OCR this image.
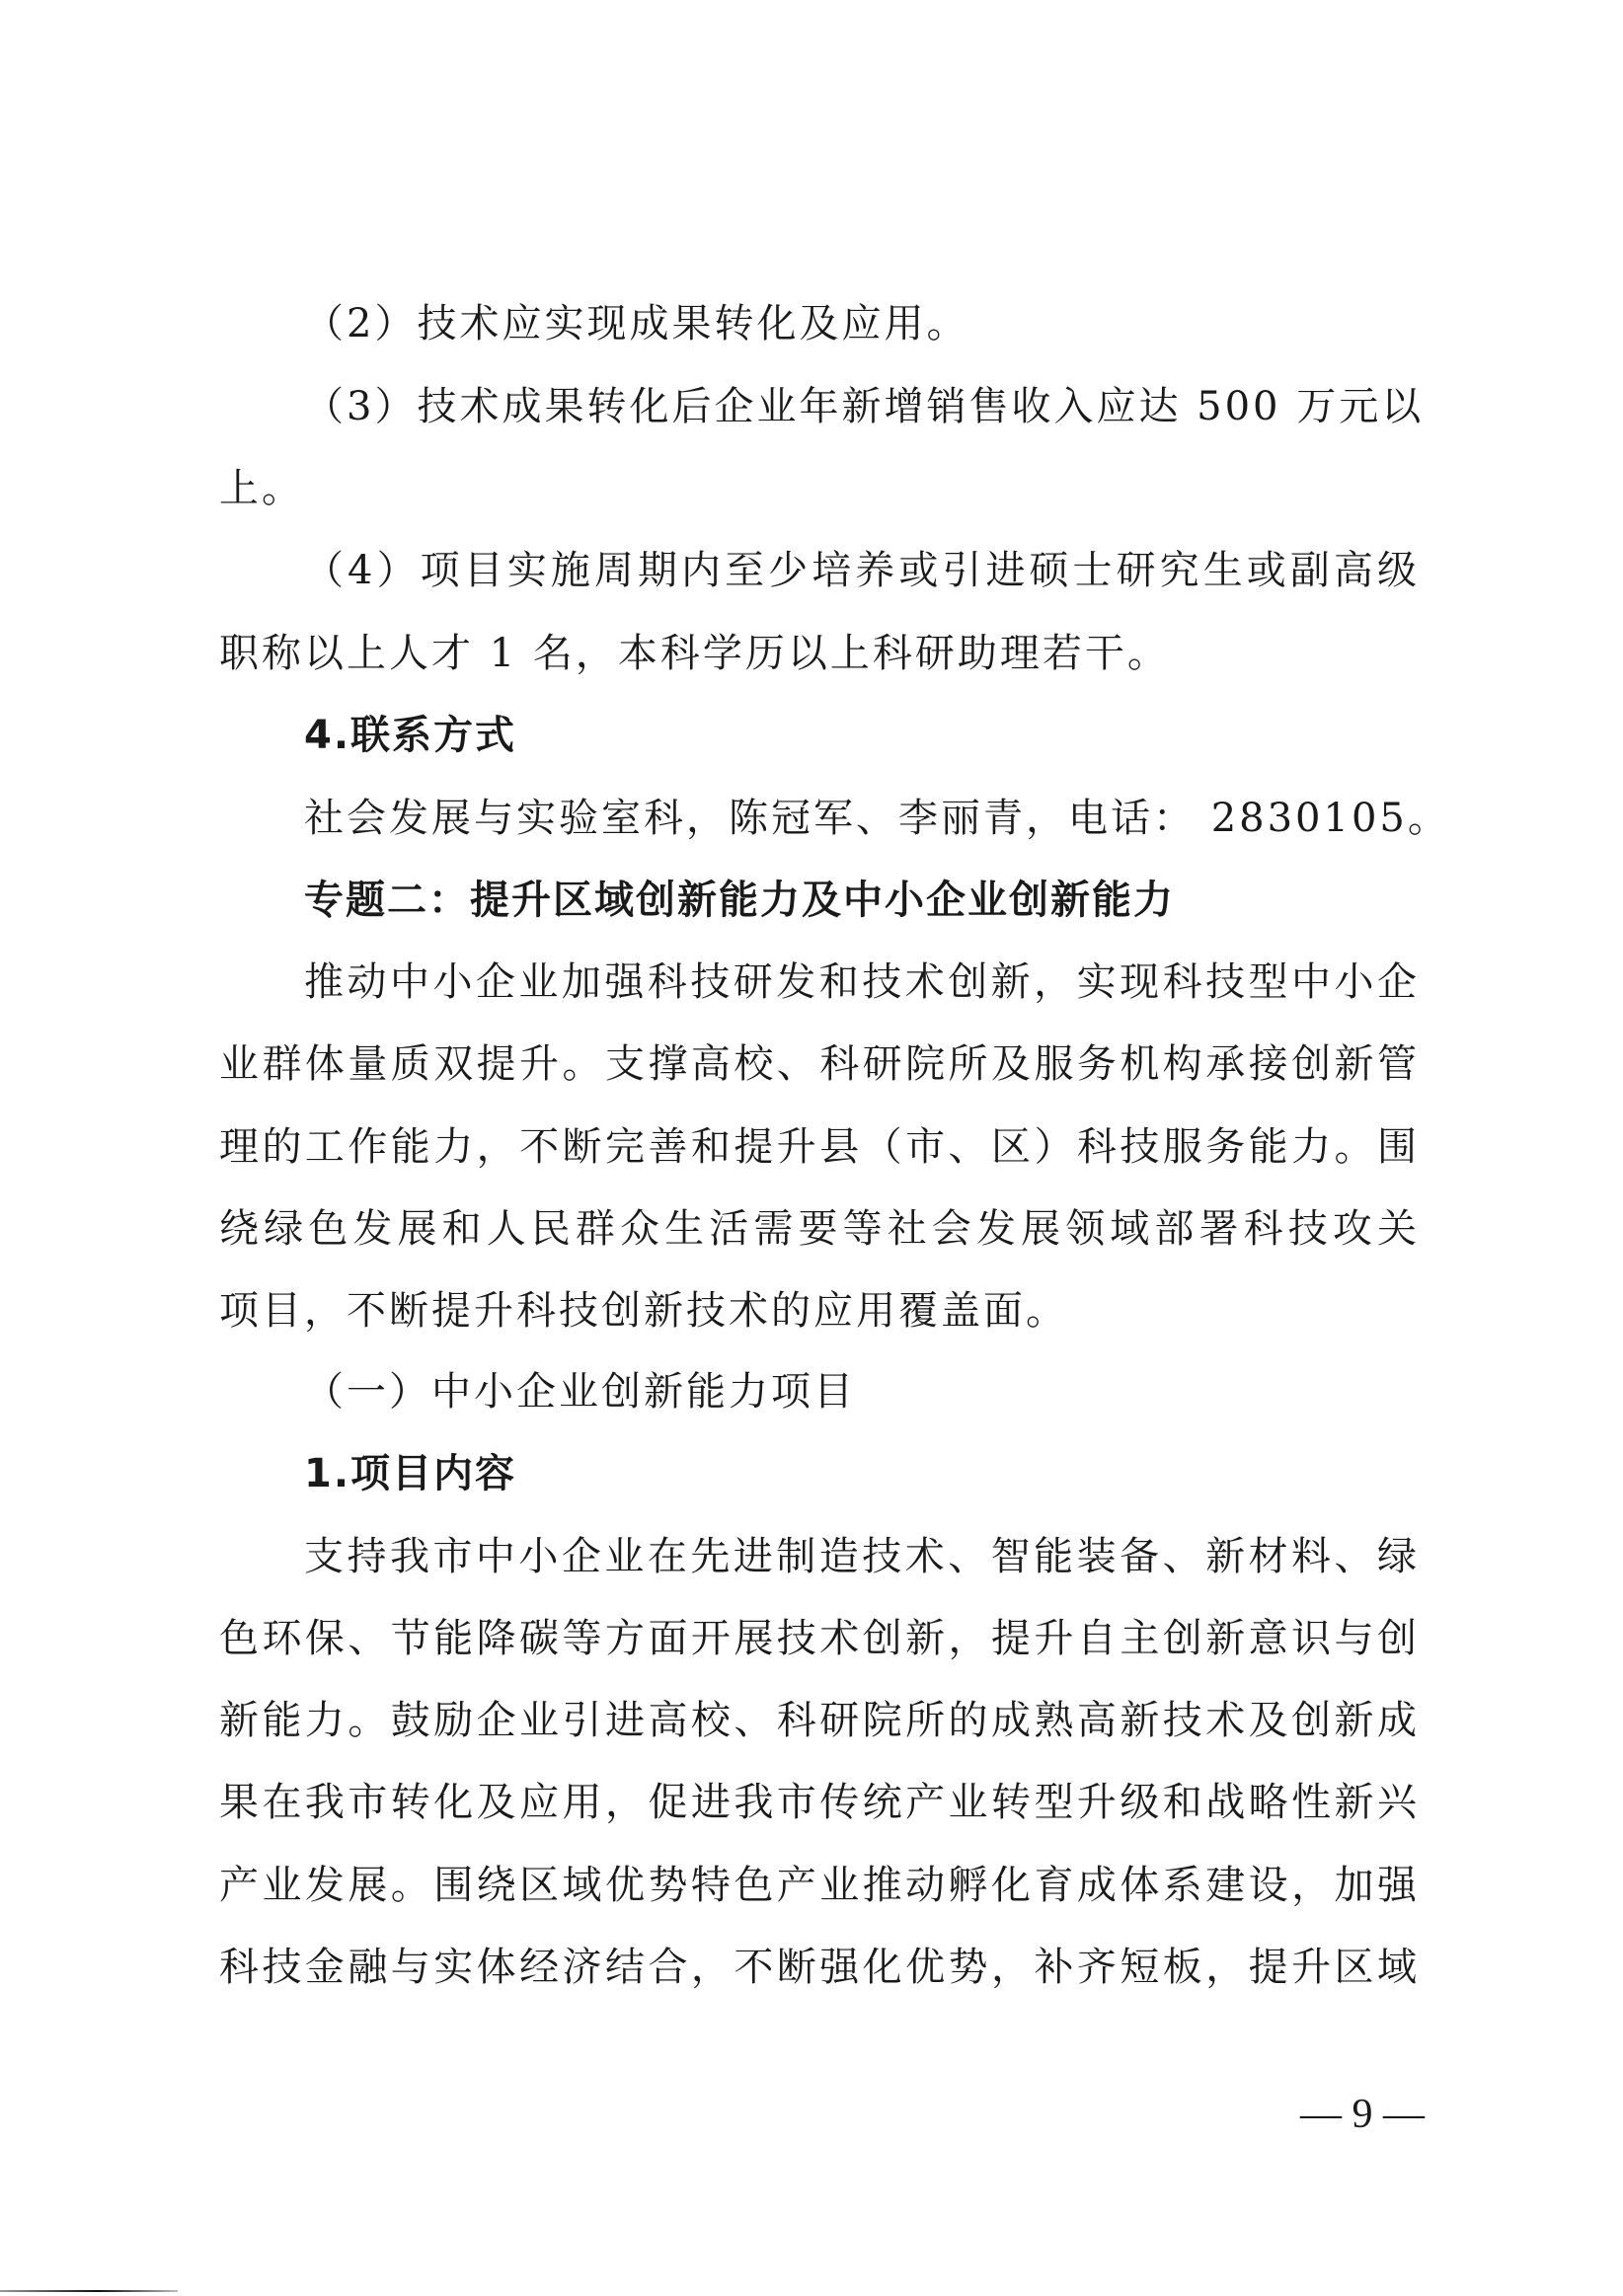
（2）技术应实现成果转化及应用。
（3）技术成果转化后企业年新增销售收入应达 500 万元以
上。
（4）项目实施周期内至少培养或引进硕士研究生或副高级
职称以上人才 1 名，本科学历以上科研助理若干。
4.联系方式
社会发展与实验室科，陈冠军、李丽青，电话： 2830105。
专题二：提升区域创新能力及中小企业创新能力
推动中小企业加强科技研发和技术创新，实现科技型中小企
业群体量质双提升。支撑高校、科研院所及服务机构承接创新管
理的工作能力，不断完善和提升县（市、区）科技服务能力。围
绕绿色发展和人民群众生活需要等社会发展领域部署科技攻关
项目，不断提升科技创新技术的应用覆盖面。
（一）中小企业创新能力项目
1.项目内容
支持我市中小企业在先进制造技术、智能装备、新材料、绿
色环保、节能降碳等方面开展技术创新，提升自主创新意识与创
新能力。鼓励企业引进高校、科研院所的成熟高新技术及创新成
果在我市转化及应用，促进我市传统产业转型升级和战略性新兴
产业发展。围绕区域优势特色产业推动孵化育成体系建设，加强
科技金融与实体经济结合，不断强化优势，补齐短板，提升区域
— 9 —
